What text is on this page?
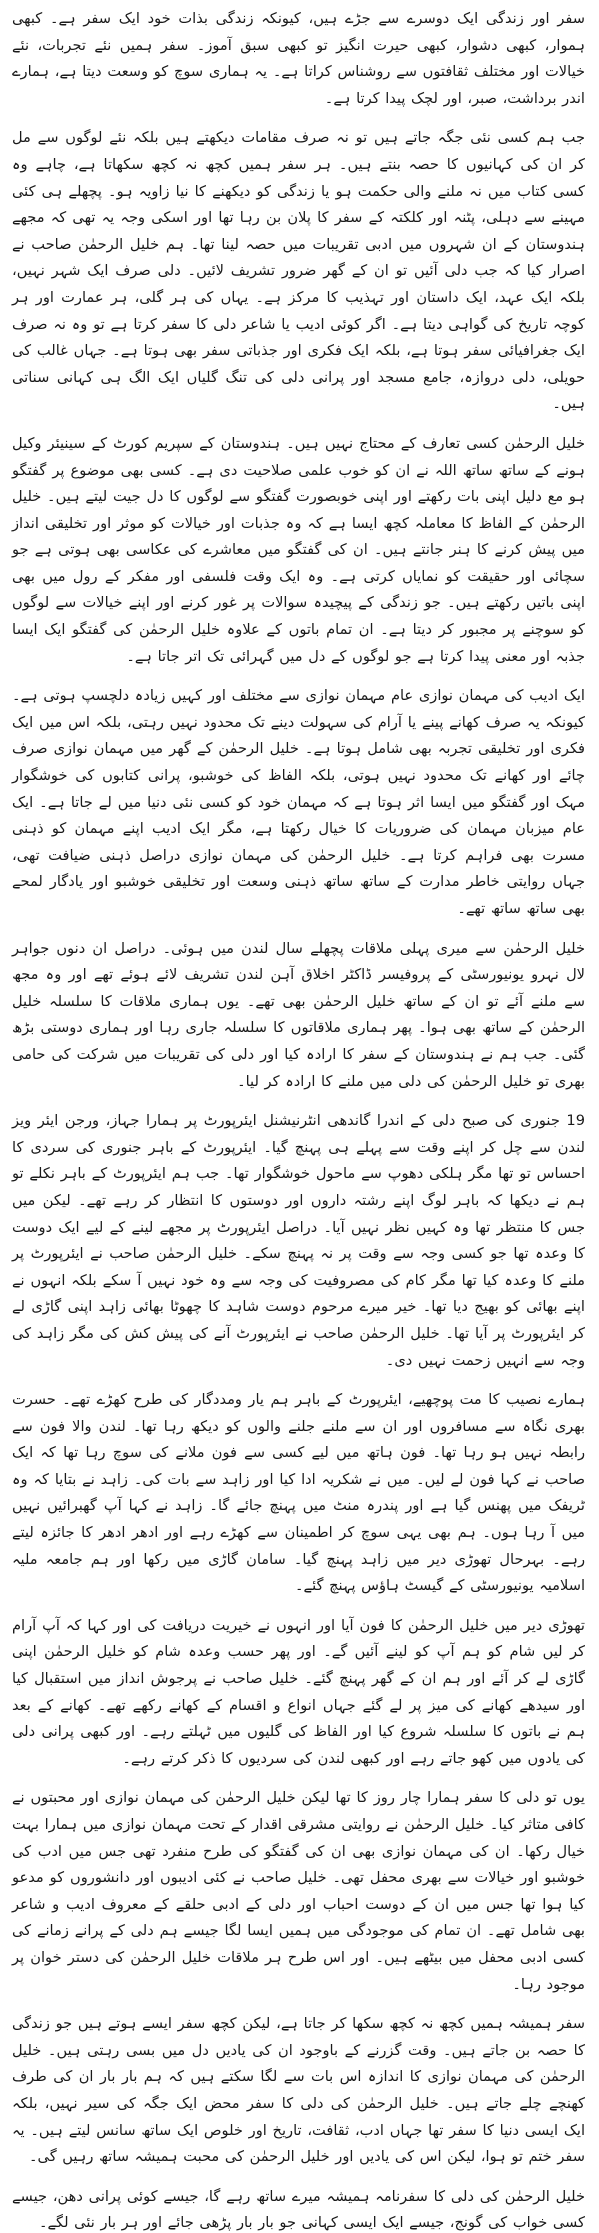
سفر اور زندگی ایک دوسرے سے جڑے ہیں، کیونکہ زندگی بذات خود ایک سفر ہے۔ کبھی ہموار، کبھی دشوار، کبھی حیرت انگیز تو کبھی سبق آموز۔ سفر ہمیں نئے تجربات، نئے خیالات اور مختلف ثقافتوں سے روشناس کراتا ہے۔ یہ ہماری سوچ کو وسعت دیتا ہے، ہمارے اندر برداشت، صبر، اور لچک پیدا کرتا ہے۔

جب ہم کسی نئی جگہ جاتے ہیں تو نہ صرف مقامات دیکھتے ہیں بلکہ نئے لوگوں سے مل کر ان کی کہانیوں کا حصہ بنتے ہیں۔ ہر سفر ہمیں کچھ نہ کچھ سکھاتا ہے، چاہے وہ کسی کتاب میں نہ ملنے والی حکمت ہو یا زندگی کو دیکھنے کا نیا زاویہ ہو۔ پچھلے ہی کئی مہینے سے دہلی، پٹنہ اور کلکتہ کے سفر کا پلان بن رہا تھا اور اسکی وجہ یہ تھی کہ مجھے ہندوستان کے ان شہروں میں ادبی تقریبات میں حصہ لینا تھا۔ ہم خلیل الرحمٰن صاحب نے اصرار کیا کہ جب دلی آئیں تو ان کے گھر ضرور تشریف لائیں۔ دلی صرف ایک شہر نہیں، بلکہ ایک عہد، ایک داستان اور تہذیب کا مرکز ہے۔ یہاں کی ہر گلی، ہر عمارت اور ہر کوچہ تاریخ کی گواہی دیتا ہے۔ اگر کوئی ادیب یا شاعر دلی کا سفر کرتا ہے تو وہ نہ صرف ایک جغرافیائی سفر ہوتا ہے، بلکہ ایک فکری اور جذباتی سفر بھی ہوتا ہے۔ جہاں غالب کی حویلی، دلی دروازہ، جامع مسجد اور پرانی دلی کی تنگ گلیاں ایک الگ ہی کہانی سناتی ہیں۔

خلیل الرحمٰن کسی تعارف کے محتاج نہیں ہیں۔ ہندوستان کے سپریم کورٹ کے سینیئر وکیل ہونے کے ساتھ ساتھ اللہ نے ان کو خوب علمی صلاحیت دی ہے۔ کسی بھی موضوع پر گفتگو ہو مع دلیل اپنی بات رکھتے اور اپنی خوبصورت گفتگو سے لوگوں کا دل جیت لیتے ہیں۔ خلیل الرحمٰن کے الفاظ کا معاملہ کچھ ایسا ہے کہ وہ جذبات اور خیالات کو موثر اور تخلیقی انداز میں پیش کرنے کا ہنر جانتے ہیں۔ ان کی گفتگو میں معاشرے کی عکاسی بھی ہوتی ہے جو سچائی اور حقیقت کو نمایاں کرتی ہے۔ وہ ایک وقت فلسفی اور مفکر کے رول میں بھی اپنی باتیں رکھتے ہیں۔ جو زندگی کے پیچیدہ سوالات پر غور کرنے اور اپنے خیالات سے لوگوں کو سوچنے پر مجبور کر دیتا ہے۔ ان تمام باتوں کے علاوہ خلیل الرحمٰن کی گفتگو ایک ایسا جذبہ اور معنی پیدا کرتا ہے جو لوگوں کے دل میں گہرائی تک اتر جاتا ہے۔

ایک ادیب کی مہمان نوازی عام مہمان نوازی سے مختلف اور کہیں زیادہ دلچسپ ہوتی ہے۔ کیونکہ یہ صرف کھانے پینے یا آرام کی سہولت دینے تک محدود نہیں رہتی، بلکہ اس میں ایک فکری اور تخلیقی تجربہ بھی شامل ہوتا ہے۔ خلیل الرحمٰن کے گھر میں مہمان نوازی صرف چائے اور کھانے تک محدود نہیں ہوتی، بلکہ الفاظ کی خوشبو، پرانی کتابوں کی خوشگوار مہک اور گفتگو میں ایسا اثر ہوتا ہے کہ مہمان خود کو کسی نئی دنیا میں لے جاتا ہے۔ ایک عام میزبان مہمان کی ضروریات کا خیال رکھتا ہے، مگر ایک ادیب اپنے مہمان کو ذہنی مسرت بھی فراہم کرتا ہے۔ خلیل الرحمٰن کی مہمان نوازی دراصل ذہنی ضیافت تھی، جہاں روایتی خاطر مدارت کے ساتھ ساتھ ذہنی وسعت اور تخلیقی خوشبو اور یادگار لمحے بھی ساتھ ساتھ تھے۔

خلیل الرحمٰن سے میری پہلی ملاقات پچھلے سال لندن میں ہوئی۔ دراصل ان دنوں جواہر لال نہرو یونیورسٹی کے پروفیسر ڈاکٹر اخلاق آہن لندن تشریف لائے ہوئے تھے اور وہ مجھ سے ملنے آئے تو ان کے ساتھ خلیل الرحمٰن بھی تھے۔ یوں ہماری ملاقات کا سلسلہ خلیل الرحمٰن کے ساتھ بھی ہوا۔ پھر ہماری ملاقاتوں کا سلسلہ جاری رہا اور ہماری دوستی بڑھ گئی۔ جب ہم نے ہندوستان کے سفر کا ارادہ کیا اور دلی کی تقریبات میں شرکت کی حامی بھری تو خلیل الرحمٰن کی دلی میں ملنے کا ارادہ کر لیا۔

19 جنوری کی صبح دلی کے اندرا گاندھی انٹرنیشنل ایئرپورٹ پر ہمارا جہاز، ورجن ایئر ویز لندن سے چل کر اپنے وقت سے پہلے ہی پہنچ گیا۔ ایئرپورٹ کے باہر جنوری کی سردی کا احساس تو تھا مگر ہلکی دھوپ سے ماحول خوشگوار تھا۔ جب ہم ایئرپورٹ کے باہر نکلے تو ہم نے دیکھا کہ باہر لوگ اپنے رشتہ داروں اور دوستوں کا انتظار کر رہے تھے۔ لیکن میں جس کا منتظر تھا وہ کہیں نظر نہیں آیا۔ دراصل ایئرپورٹ پر مجھے لینے کے لیے ایک دوست کا وعدہ تھا جو کسی وجہ سے وقت پر نہ پہنچ سکے۔ خلیل الرحمٰن صاحب نے ایئرپورٹ پر ملنے کا وعدہ کیا تھا مگر کام کی مصروفیت کی وجہ سے وہ خود نہیں آ سکے بلکہ انہوں نے اپنے بھائی کو بھیج دیا تھا۔ خیر میرے مرحوم دوست شاہد کا چھوٹا بھائی زاہد اپنی گاڑی لے کر ایئرپورٹ پر آیا تھا۔ خلیل الرحمٰن صاحب نے ایئرپورٹ آنے کی پیش کش کی مگر زاہد کی وجہ سے انہیں زحمت نہیں دی۔

ہمارے نصیب کا مت پوچھیے، ایئرپورٹ کے باہر ہم یار ومددگار کی طرح کھڑے تھے۔ حسرت بھری نگاہ سے مسافروں اور ان سے ملنے جلنے والوں کو دیکھ رہا تھا۔ لندن والا فون سے رابطہ نہیں ہو رہا تھا۔ فون ہاتھ میں لیے کسی سے فون ملانے کی سوچ رہا تھا کہ ایک صاحب نے کہا فون لے لیں۔ میں نے شکریہ ادا کیا اور زاہد سے بات کی۔ زاہد نے بتایا کہ وہ ٹریفک میں پھنس گیا ہے اور پندرہ منٹ میں پہنچ جائے گا۔ زاہد نے کہا آپ گھبرائیں نہیں میں آ رہا ہوں۔ ہم بھی یہی سوچ کر اطمینان سے کھڑے رہے اور ادھر ادھر کا جائزہ لیتے رہے۔ بہرحال تھوڑی دیر میں زاہد پہنچ گیا۔ سامان گاڑی میں رکھا اور ہم جامعہ ملیہ اسلامیہ یونیورسٹی کے گیسٹ ہاؤس پہنچ گئے۔

تھوڑی دیر میں خلیل الرحمٰن کا فون آیا اور انہوں نے خیریت دریافت کی اور کہا کہ آپ آرام کر لیں شام کو ہم آپ کو لینے آئیں گے۔ اور پھر حسب وعدہ شام کو خلیل الرحمٰن اپنی گاڑی لے کر آئے اور ہم ان کے گھر پہنچ گئے۔ خلیل صاحب نے پرجوش انداز میں استقبال کیا اور سیدھے کھانے کی میز پر لے گئے جہاں انواع و اقسام کے کھانے رکھے تھے۔ کھانے کے بعد ہم نے باتوں کا سلسلہ شروع کیا اور الفاظ کی گلیوں میں ٹہلتے رہے۔ اور کبھی پرانی دلی کی یادوں میں کھو جاتے رہے اور کبھی لندن کی سردیوں کا ذکر کرتے رہے۔

یوں تو دلی کا سفر ہمارا چار روز کا تھا لیکن خلیل الرحمٰن کی مہمان نوازی اور محبتوں نے کافی متاثر کیا۔ خلیل الرحمٰن نے روایتی مشرقی اقدار کے تحت مہمان نوازی میں ہمارا بہت خیال رکھا۔ ان کی مہمان نوازی بھی ان کی گفتگو کی طرح منفرد تھی جس میں ادب کی خوشبو اور خیالات سے بھری محفل تھی۔ خلیل صاحب نے کئی ادیبوں اور دانشوروں کو مدعو کیا ہوا تھا جس میں ان کے دوست احباب اور دلی کے ادبی حلقے کے معروف ادیب و شاعر بھی شامل تھے۔ ان تمام کی موجودگی میں ہمیں ایسا لگا جیسے ہم دلی کے پرانے زمانے کی کسی ادبی محفل میں بیٹھے ہیں۔ اور اس طرح ہر ملاقات خلیل الرحمٰن کی دستر خوان پر موجود رہا۔

سفر ہمیشہ ہمیں کچھ نہ کچھ سکھا کر جاتا ہے، لیکن کچھ سفر ایسے ہوتے ہیں جو زندگی کا حصہ بن جاتے ہیں۔ وقت گزرنے کے باوجود ان کی یادیں دل میں بسی رہتی ہیں۔ خلیل الرحمٰن کی مہمان نوازی کا اندازہ اس بات سے لگا سکتے ہیں کہ ہم بار بار ان کی طرف کھنچے چلے جاتے ہیں۔ خلیل الرحمٰن کی دلی کا سفر محض ایک جگہ کی سیر نہیں، بلکہ ایک ایسی دنیا کا سفر تھا جہاں ادب، ثقافت، تاریخ اور خلوص ایک ساتھ سانس لیتے ہیں۔ یہ سفر ختم تو ہوا، لیکن اس کی یادیں اور خلیل الرحمٰن کی محبت ہمیشہ ساتھ رہیں گی۔

خلیل الرحمٰن کی دلی کا سفرنامہ ہمیشہ میرے ساتھ رہے گا، جیسے کوئی پرانی دھن، جیسے کسی خواب کی گونج، جیسے ایک ایسی کہانی جو بار بار پڑھی جائے اور ہر بار نئی لگے۔
